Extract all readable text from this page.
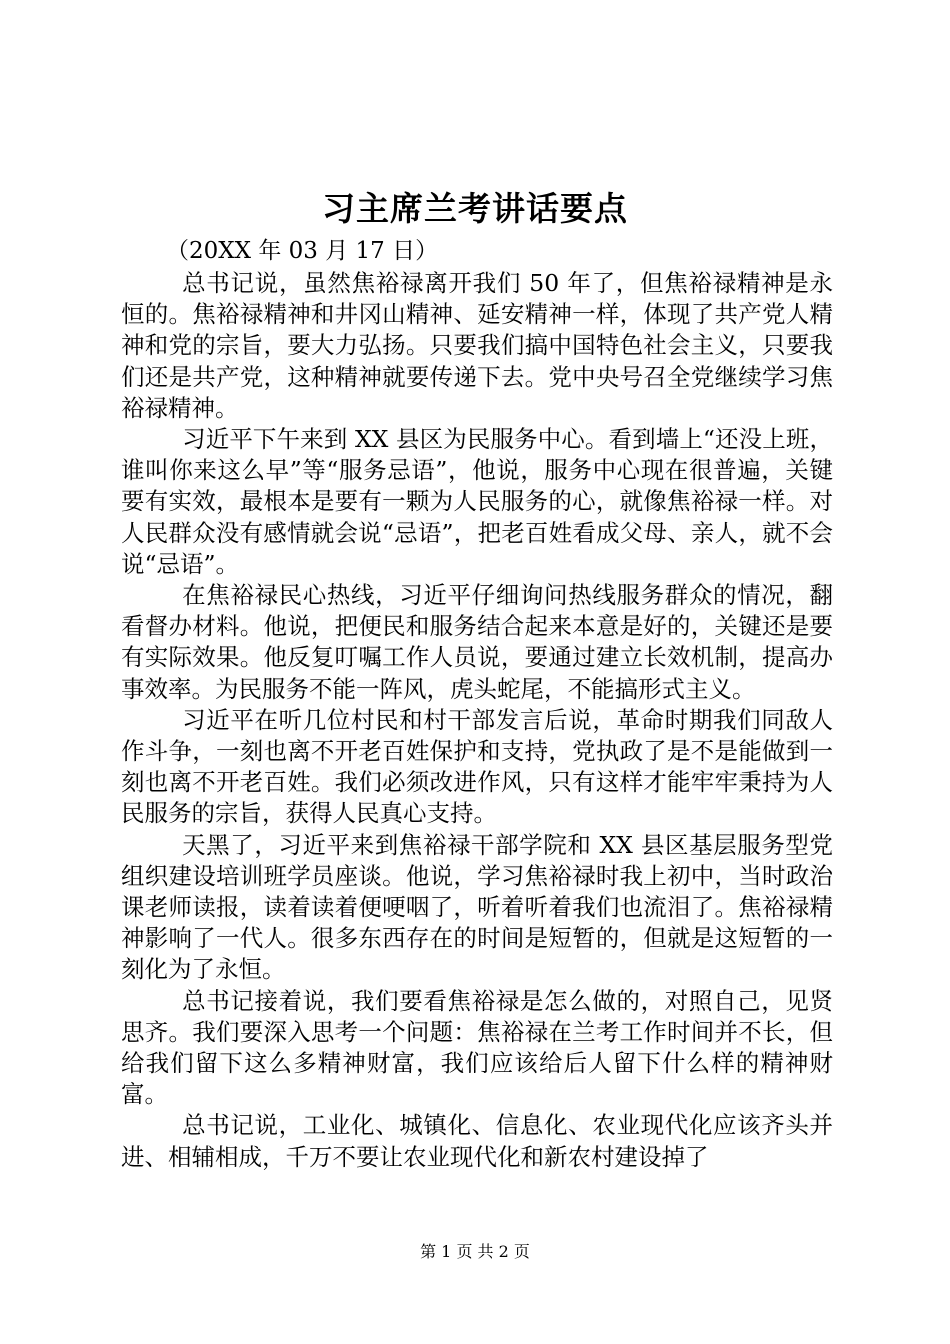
习主席兰考讲话要点
（20XX 年 03 月 17 日）

总书记说，虽然焦裕禄离开我们 50 年了，但焦裕禄精神是永恒的。焦裕禄精神和井冈山精神、延安精神一样，体现了共产党人精神和党的宗旨，要大力弘扬。只要我们搞中国特色社会主义，只要我们还是共产党，这种精神就要传递下去。党中央号召全党继续学习焦裕禄精神。

习近平下午来到 XX 县区为民服务中心。看到墙上“还没上班，谁叫你来这么早”等“服务忌语”，他说，服务中心现在很普遍，关键要有实效，最根本是要有一颗为人民服务的心，就像焦裕禄一样。对人民群众没有感情就会说“忌语”，把老百姓看成父母、亲人，就不会说“忌语”。

在焦裕禄民心热线，习近平仔细询问热线服务群众的情况，翻看督办材料。他说，把便民和服务结合起来本意是好的，关键还是要有实际效果。他反复叮嘱工作人员说，要通过建立长效机制，提高办事效率。为民服务不能一阵风，虎头蛇尾，不能搞形式主义。

习近平在听几位村民和村干部发言后说，革命时期我们同敌人作斗争，一刻也离不开老百姓保护和支持，党执政了是不是能做到一刻也离不开老百姓。我们必须改进作风，只有这样才能牢牢秉持为人民服务的宗旨，获得人民真心支持。

天黑了，习近平来到焦裕禄干部学院和 XX 县区基层服务型党组织建设培训班学员座谈。他说，学习焦裕禄时我上初中，当时政治课老师读报，读着读着便哽咽了，听着听着我们也流泪了。焦裕禄精神影响了一代人。很多东西存在的时间是短暂的，但就是这短暂的一刻化为了永恒。

总书记接着说，我们要看焦裕禄是怎么做的，对照自己，见贤思齐。我们要深入思考一个问题：焦裕禄在兰考工作时间并不长，但给我们留下这么多精神财富，我们应该给后人留下什么样的精神财富。

总书记说，工业化、城镇化、信息化、农业现代化应该齐头并进、相辅相成，千万不要让农业现代化和新农村建设掉了

第 1 页 共 2 页
